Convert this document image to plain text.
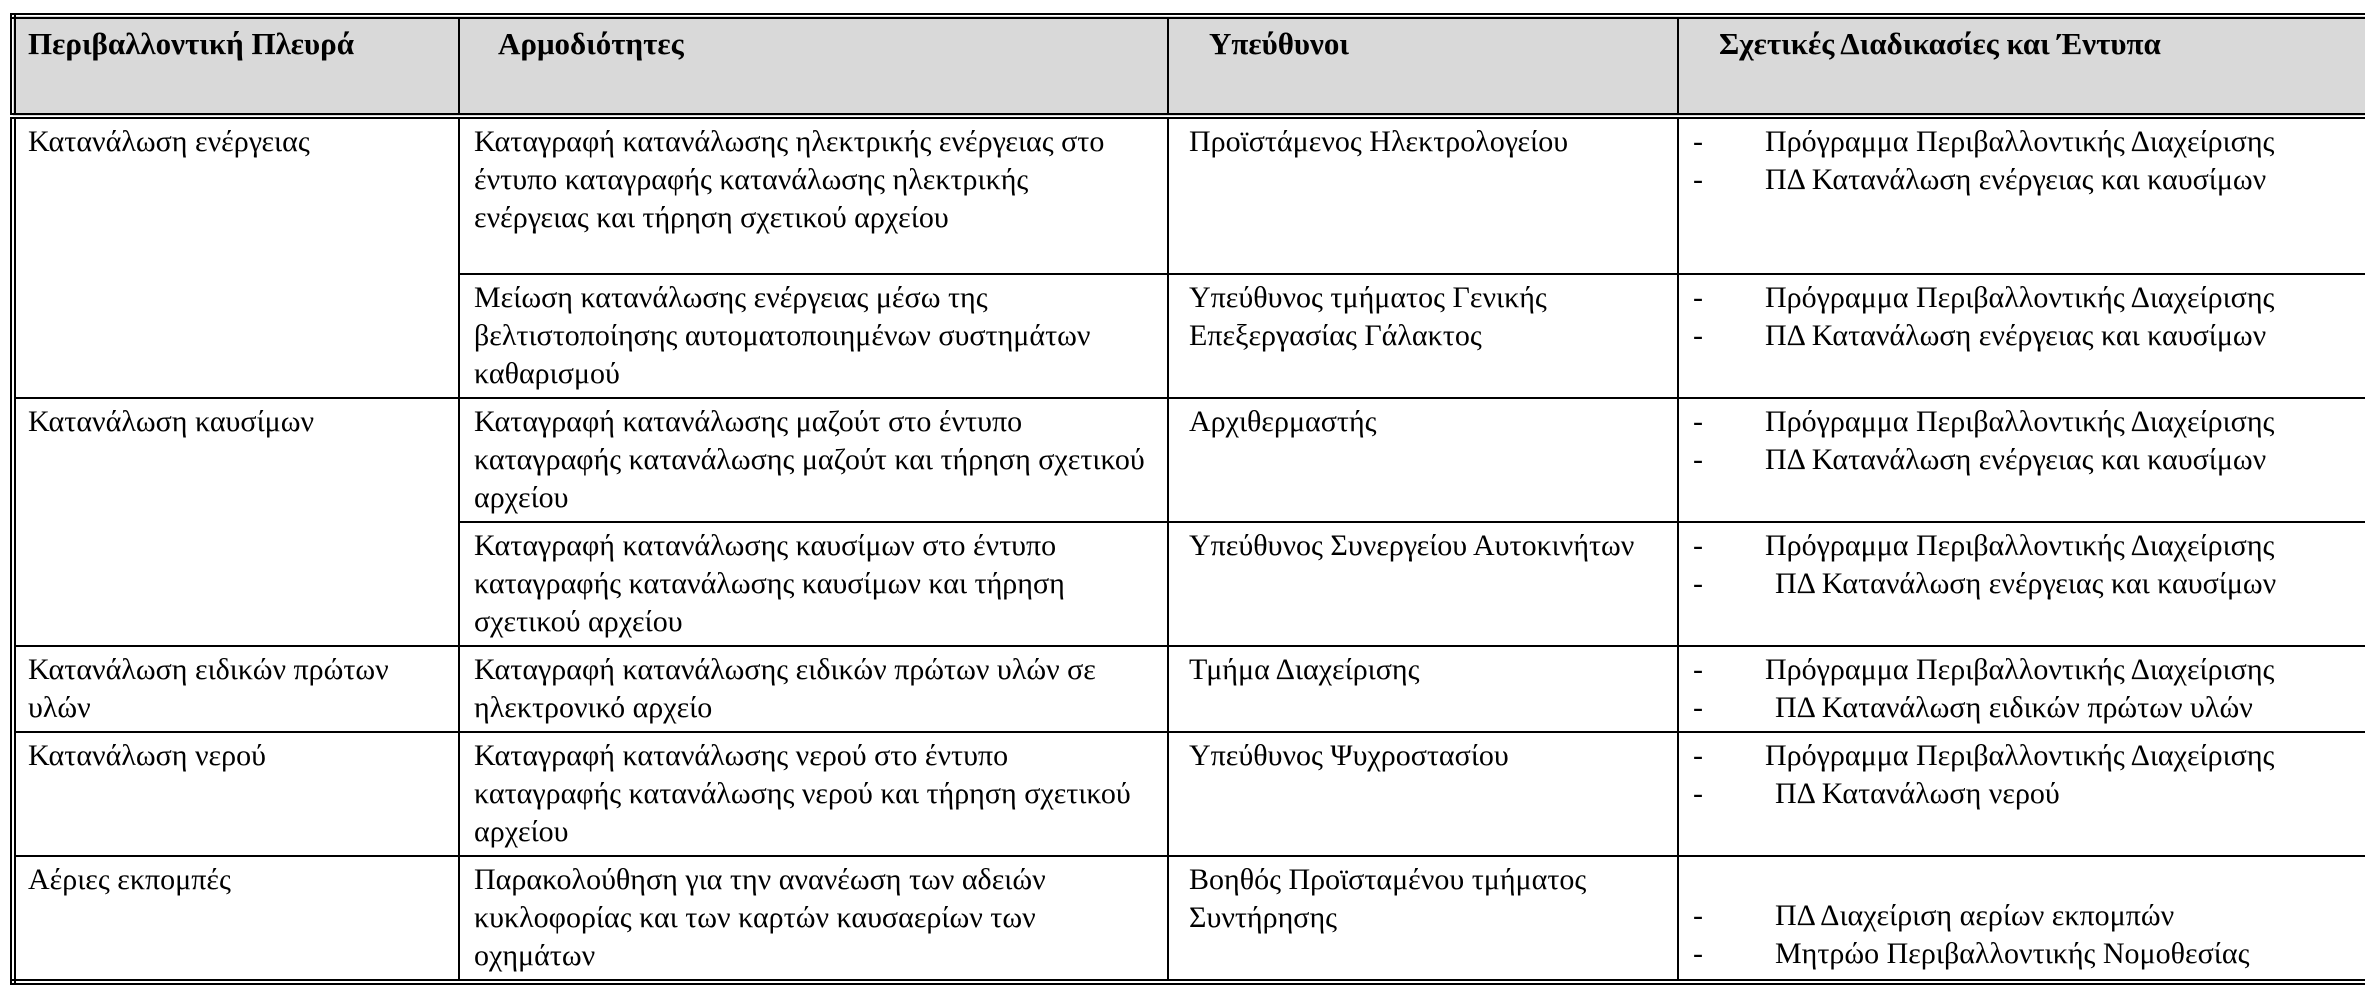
Περιβαλλοντική Πλευρά	Αρμοδιότητες	Υπεύθυνοι	Σχετικές Διαδικασίες και Έντυπα

Κατανάλωση ενέργειας	Καταγραφή κατανάλωσης ηλεκτρικής ενέργειας στο έντυπο καταγραφής κατανάλωσης ηλεκτρικής ενέργειας και τήρηση σχετικού αρχείου	Προϊστάμενος Ηλεκτρολογείου	- Πρόγραμμα Περιβαλλοντικής Διαχείρισης
- ΠΔ Κατανάλωση ενέργειας και καυσίμων

	Μείωση κατανάλωσης ενέργειας μέσω της βελτιστοποίησης αυτοματοποιημένων συστημάτων καθαρισμού	Υπεύθυνος τμήματος Γενικής Επεξεργασίας Γάλακτος	- Πρόγραμμα Περιβαλλοντικής Διαχείρισης
- ΠΔ Κατανάλωση ενέργειας και καυσίμων

Κατανάλωση καυσίμων	Καταγραφή κατανάλωσης μαζούτ στο έντυπο καταγραφής κατανάλωσης μαζούτ και τήρηση σχετικού αρχείου	Αρχιθερμαστής	- Πρόγραμμα Περιβαλλοντικής Διαχείρισης
- ΠΔ Κατανάλωση ενέργειας και καυσίμων

	Καταγραφή κατανάλωσης καυσίμων στο έντυπο καταγραφής κατανάλωσης καυσίμων και τήρηση σχετικού αρχείου	Υπεύθυνος Συνεργείου Αυτοκινήτων	- Πρόγραμμα Περιβαλλοντικής Διαχείρισης
- ΠΔ Κατανάλωση ενέργειας και καυσίμων

Κατανάλωση ειδικών πρώτων υλών	Καταγραφή κατανάλωσης ειδικών πρώτων υλών σε ηλεκτρονικό αρχείο	Τμήμα Διαχείρισης	- Πρόγραμμα Περιβαλλοντικής Διαχείρισης
- ΠΔ Κατανάλωση ειδικών πρώτων υλών

Κατανάλωση νερού	Καταγραφή κατανάλωσης νερού στο έντυπο καταγραφής κατανάλωσης νερού και τήρηση σχετικού αρχείου	Υπεύθυνος Ψυχροστασίου	- Πρόγραμμα Περιβαλλοντικής Διαχείρισης
- ΠΔ Κατανάλωση νερού

Αέριες εκπομπές	Παρακολούθηση για την ανανέωση των αδειών κυκλοφορίας και των καρτών καυσαερίων των οχημάτων	Βοηθός Προϊσταμένου τμήματος Συντήρησης	- ΠΔ Διαχείριση αερίων εκπομπών
- Μητρώο Περιβαλλοντικής Νομοθεσίας
